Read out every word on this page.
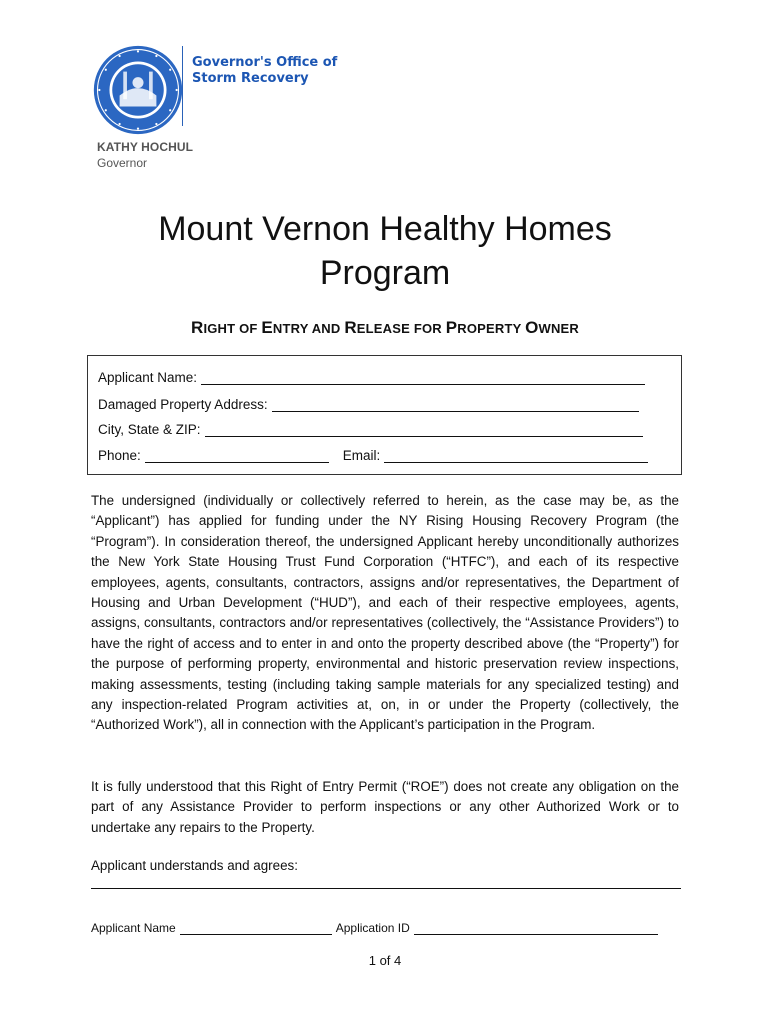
Governor's Office of
Storm Recovery
KATHY HOCHUL
Governor
Mount Vernon Healthy Homes
Program
RIGHT OF ENTRY AND RELEASE FOR PROPERTY OWNER
Applicant Name:
Damaged Property Address:
City, State & ZIP:
Phone:	Email:
The undersigned (individually or collectively referred to herein, as the case may be, as the “Applicant”) has applied for funding under the NY Rising Housing Recovery Program (the “Program”). In consideration thereof, the undersigned Applicant hereby unconditionally authorizes the New York State Housing Trust Fund Corporation (“HTFC”), and each of its respective employees, agents, consultants, contractors, assigns and/or representatives, the Department of Housing and Urban Development (“HUD”), and each of their respective employees, agents, assigns, consultants, contractors and/or representatives (collectively, the “Assistance Providers”) to have the right of access and to enter in and onto the property described above (the “Property”) for the purpose of performing property, environmental and historic preservation review inspections, making assessments, testing (including taking sample materials for any specialized testing) and any inspection-related Program activities at, on, in or under the Property (collectively, the “Authorized Work”), all in connection with the Applicant’s participation in the Program.
It is fully understood that this Right of Entry Permit (“ROE”) does not create any obligation on the part of any Assistance Provider to perform inspections or any other Authorized Work or to undertake any repairs to the Property.
Applicant understands and agrees:
Applicant Name	Application ID
1 of 4
